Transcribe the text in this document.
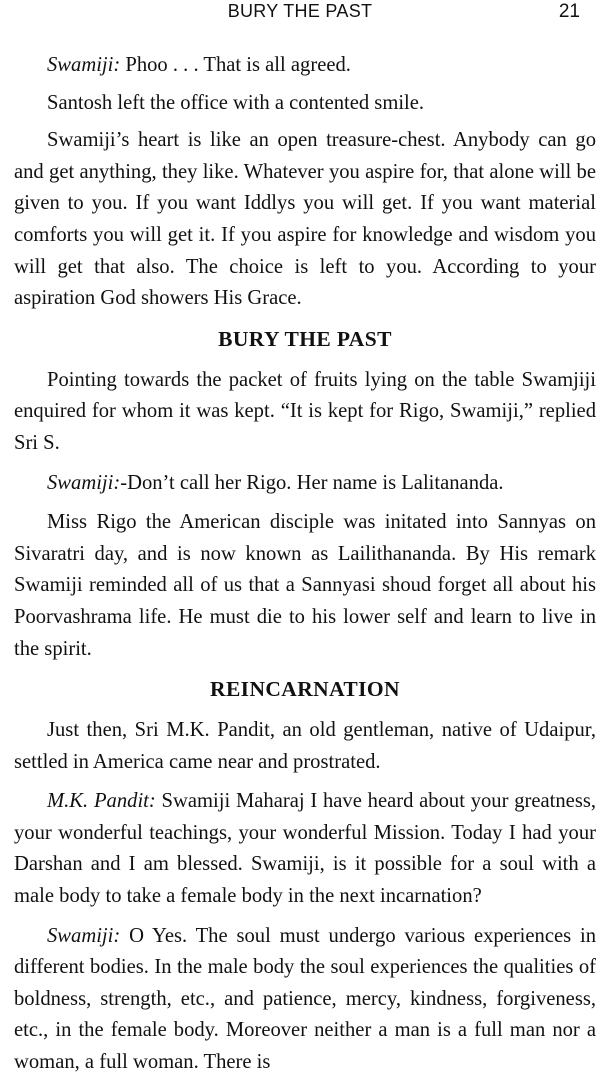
BURY THE PAST	21

Swamiji: Phoo . . . That is all agreed.

Santosh left the office with a contented smile.

Swamiji’s heart is like an open treasure-chest. Anybody can go and get anything, they like. Whatever you aspire for, that alone will be given to you. If you want Iddlys you will get. If you want material comforts you will get it. If you aspire for knowledge and wisdom you will get that also. The choice is left to you. According to your aspiration God showers His Grace.

BURY THE PAST

Pointing towards the packet of fruits lying on the table Swamjiji enquired for whom it was kept. “It is kept for Rigo, Swamiji,” replied Sri S.

Swamiji:-Don’t call her Rigo. Her name is Lalitananda.

Miss Rigo the American disciple was initated into Sannyas on Sivaratri day, and is now known as Lailithananda. By His remark Swamiji reminded all of us that a Sannyasi shoud forget all about his Poorvashrama life. He must die to his lower self and learn to live in the spirit.

REINCARNATION

Just then, Sri M.K. Pandit, an old gentleman, native of Udaipur, settled in America came near and prostrated.

M.K. Pandit: Swamiji Maharaj I have heard about your greatness, your wonderful teachings, your wonderful Mission. Today I had your Darshan and I am blessed. Swamiji, is it possible for a soul with a male body to take a female body in the next incarnation?

Swamiji: O Yes. The soul must undergo various experiences in different bodies. In the male body the soul experiences the qualities of boldness, strength, etc., and patience, mercy, kindness, forgiveness, etc., in the female body. Moreover neither a man is a full man nor a woman, a full woman. There is
